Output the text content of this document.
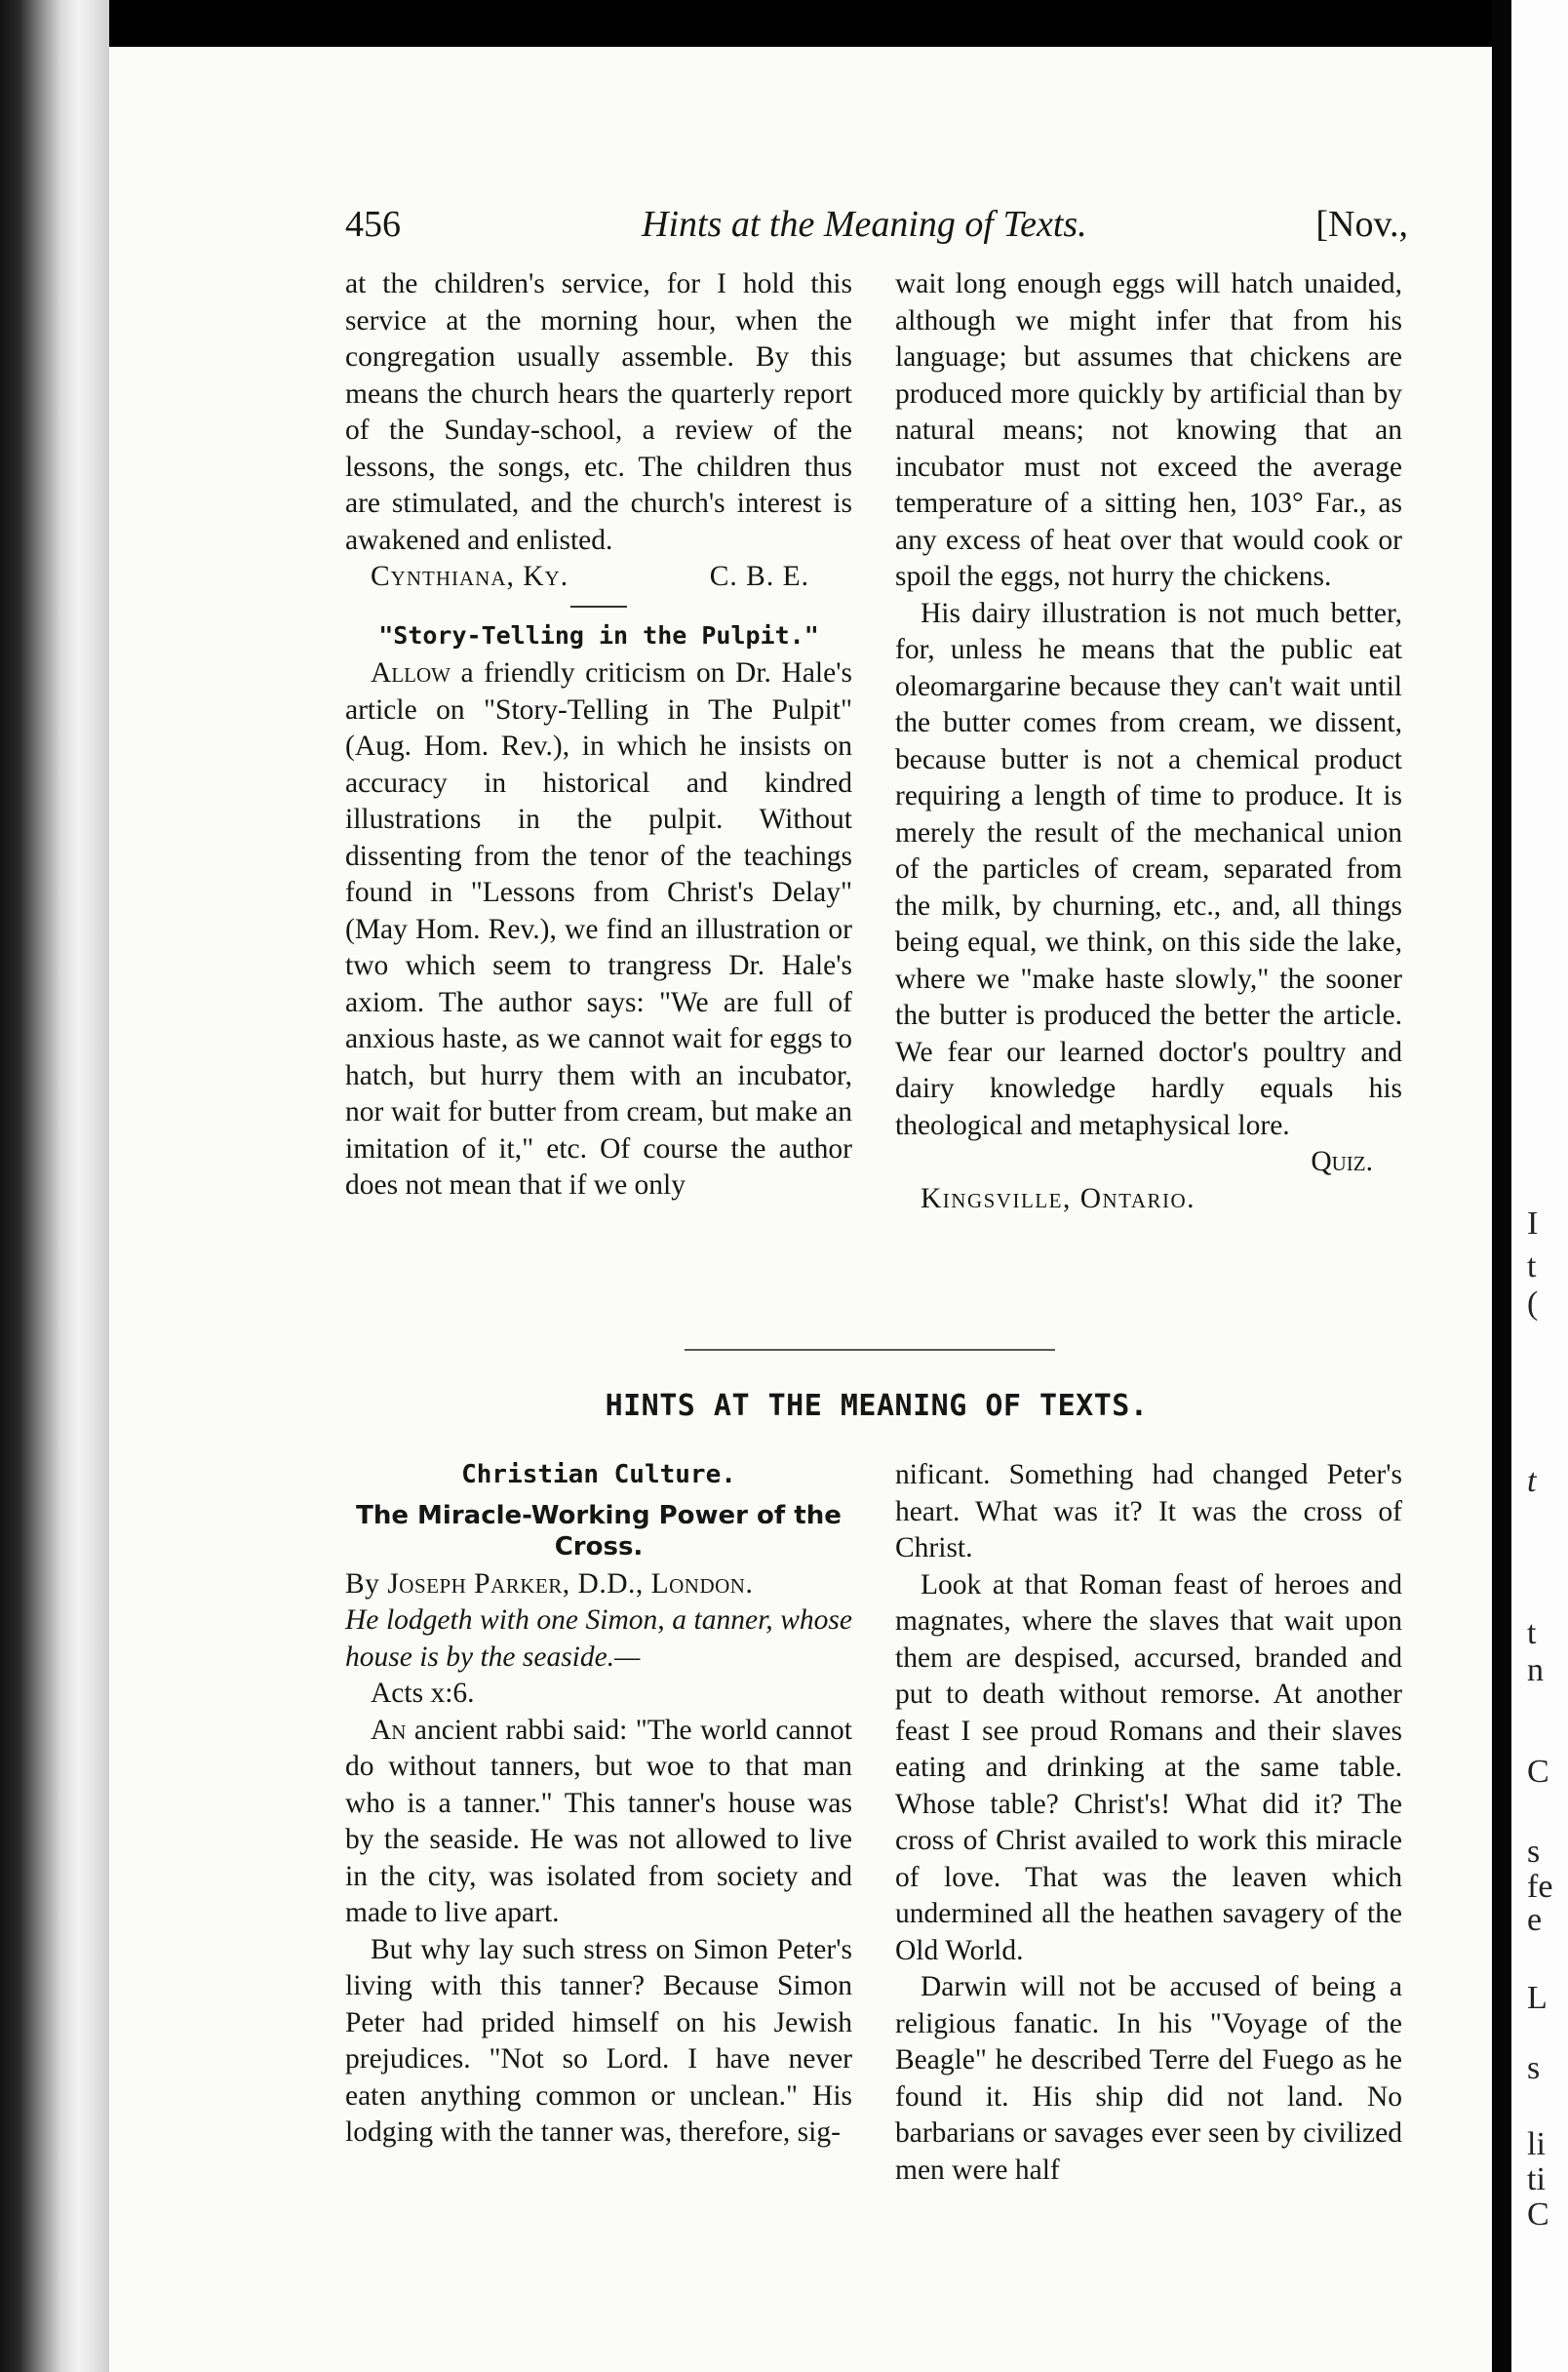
456	Hints at the Meaning of Texts.	[Nov.,

at the children's service, for I hold this service at the morning hour, when the congregation usually assemble. By this means the church hears the quarterly report of the Sunday-school, a review of the lessons, the songs, etc. The children thus are stimulated, and the church's interest is awakened and enlisted.

Cynthiana, Ky.	C. B. E.
"Story-Telling in the Pulpit."

Allow a friendly criticism on Dr. Hale's article on "Story-Telling in The Pulpit" (Aug. Hom. Rev.), in which he insists on accuracy in historical and kindred illustrations in the pulpit. Without dissenting from the tenor of the teachings found in "Lessons from Christ's Delay" (May Hom. Rev.), we find an illustration or two which seem to trangress Dr. Hale's axiom. The author says: "We are full of anxious haste, as we cannot wait for eggs to hatch, but hurry them with an incubator, nor wait for butter from cream, but make an imitation of it," etc. Of course the author does not mean that if we only

wait long enough eggs will hatch unaided, although we might infer that from his language; but assumes that chickens are produced more quickly by artificial than by natural means; not knowing that an incubator must not exceed the average temperature of a sitting hen, 103° Far., as any excess of heat over that would cook or spoil the eggs, not hurry the chickens.

His dairy illustration is not much better, for, unless he means that the public eat oleomargarine because they can't wait until the butter comes from cream, we dissent, because butter is not a chemical product requiring a length of time to produce. It is merely the result of the mechanical union of the particles of cream, separated from the milk, by churning, etc., and, all things being equal, we think, on this side the lake, where we "make haste slowly," the sooner the butter is produced the better the article. We fear our learned doctor's poultry and dairy knowledge hardly equals his theological and metaphysical lore.
Quiz.

Kingsville, Ontario.
HINTS AT THE MEANING OF TEXTS.
Christian Culture.
The Miracle-Working Power of the Cross.
By Joseph Parker, D.D., London.

He lodgeth with one Simon, a tanner, whose house is by the seaside.—

Acts x:6.

An ancient rabbi said: "The world cannot do without tanners, but woe to that man who is a tanner." This tanner's house was by the seaside. He was not allowed to live in the city, was isolated from society and made to live apart.

But why lay such stress on Simon Peter's living with this tanner? Because Simon Peter had prided himself on his Jewish prejudices. "Not so Lord. I have never eaten anything common or unclean." His lodging with the tanner was, therefore, sig-

nificant. Something had changed Peter's heart. What was it? It was the cross of Christ.

Look at that Roman feast of heroes and magnates, where the slaves that wait upon them are despised, accursed, branded and put to death without remorse. At another feast I see proud Romans and their slaves eating and drinking at the same table. Whose table? Christ's! What did it? The cross of Christ availed to work this miracle of love. That was the leaven which undermined all the heathen savagery of the Old World.

Darwin will not be accused of being a religious fanatic. In his "Voyage of the Beagle" he described Terre del Fuego as he found it. His ship did not land. No barbarians or savages ever seen by civilized men were half

I
t
(
t
t
n
C
s
fe
e
L
s
li
ti
C
